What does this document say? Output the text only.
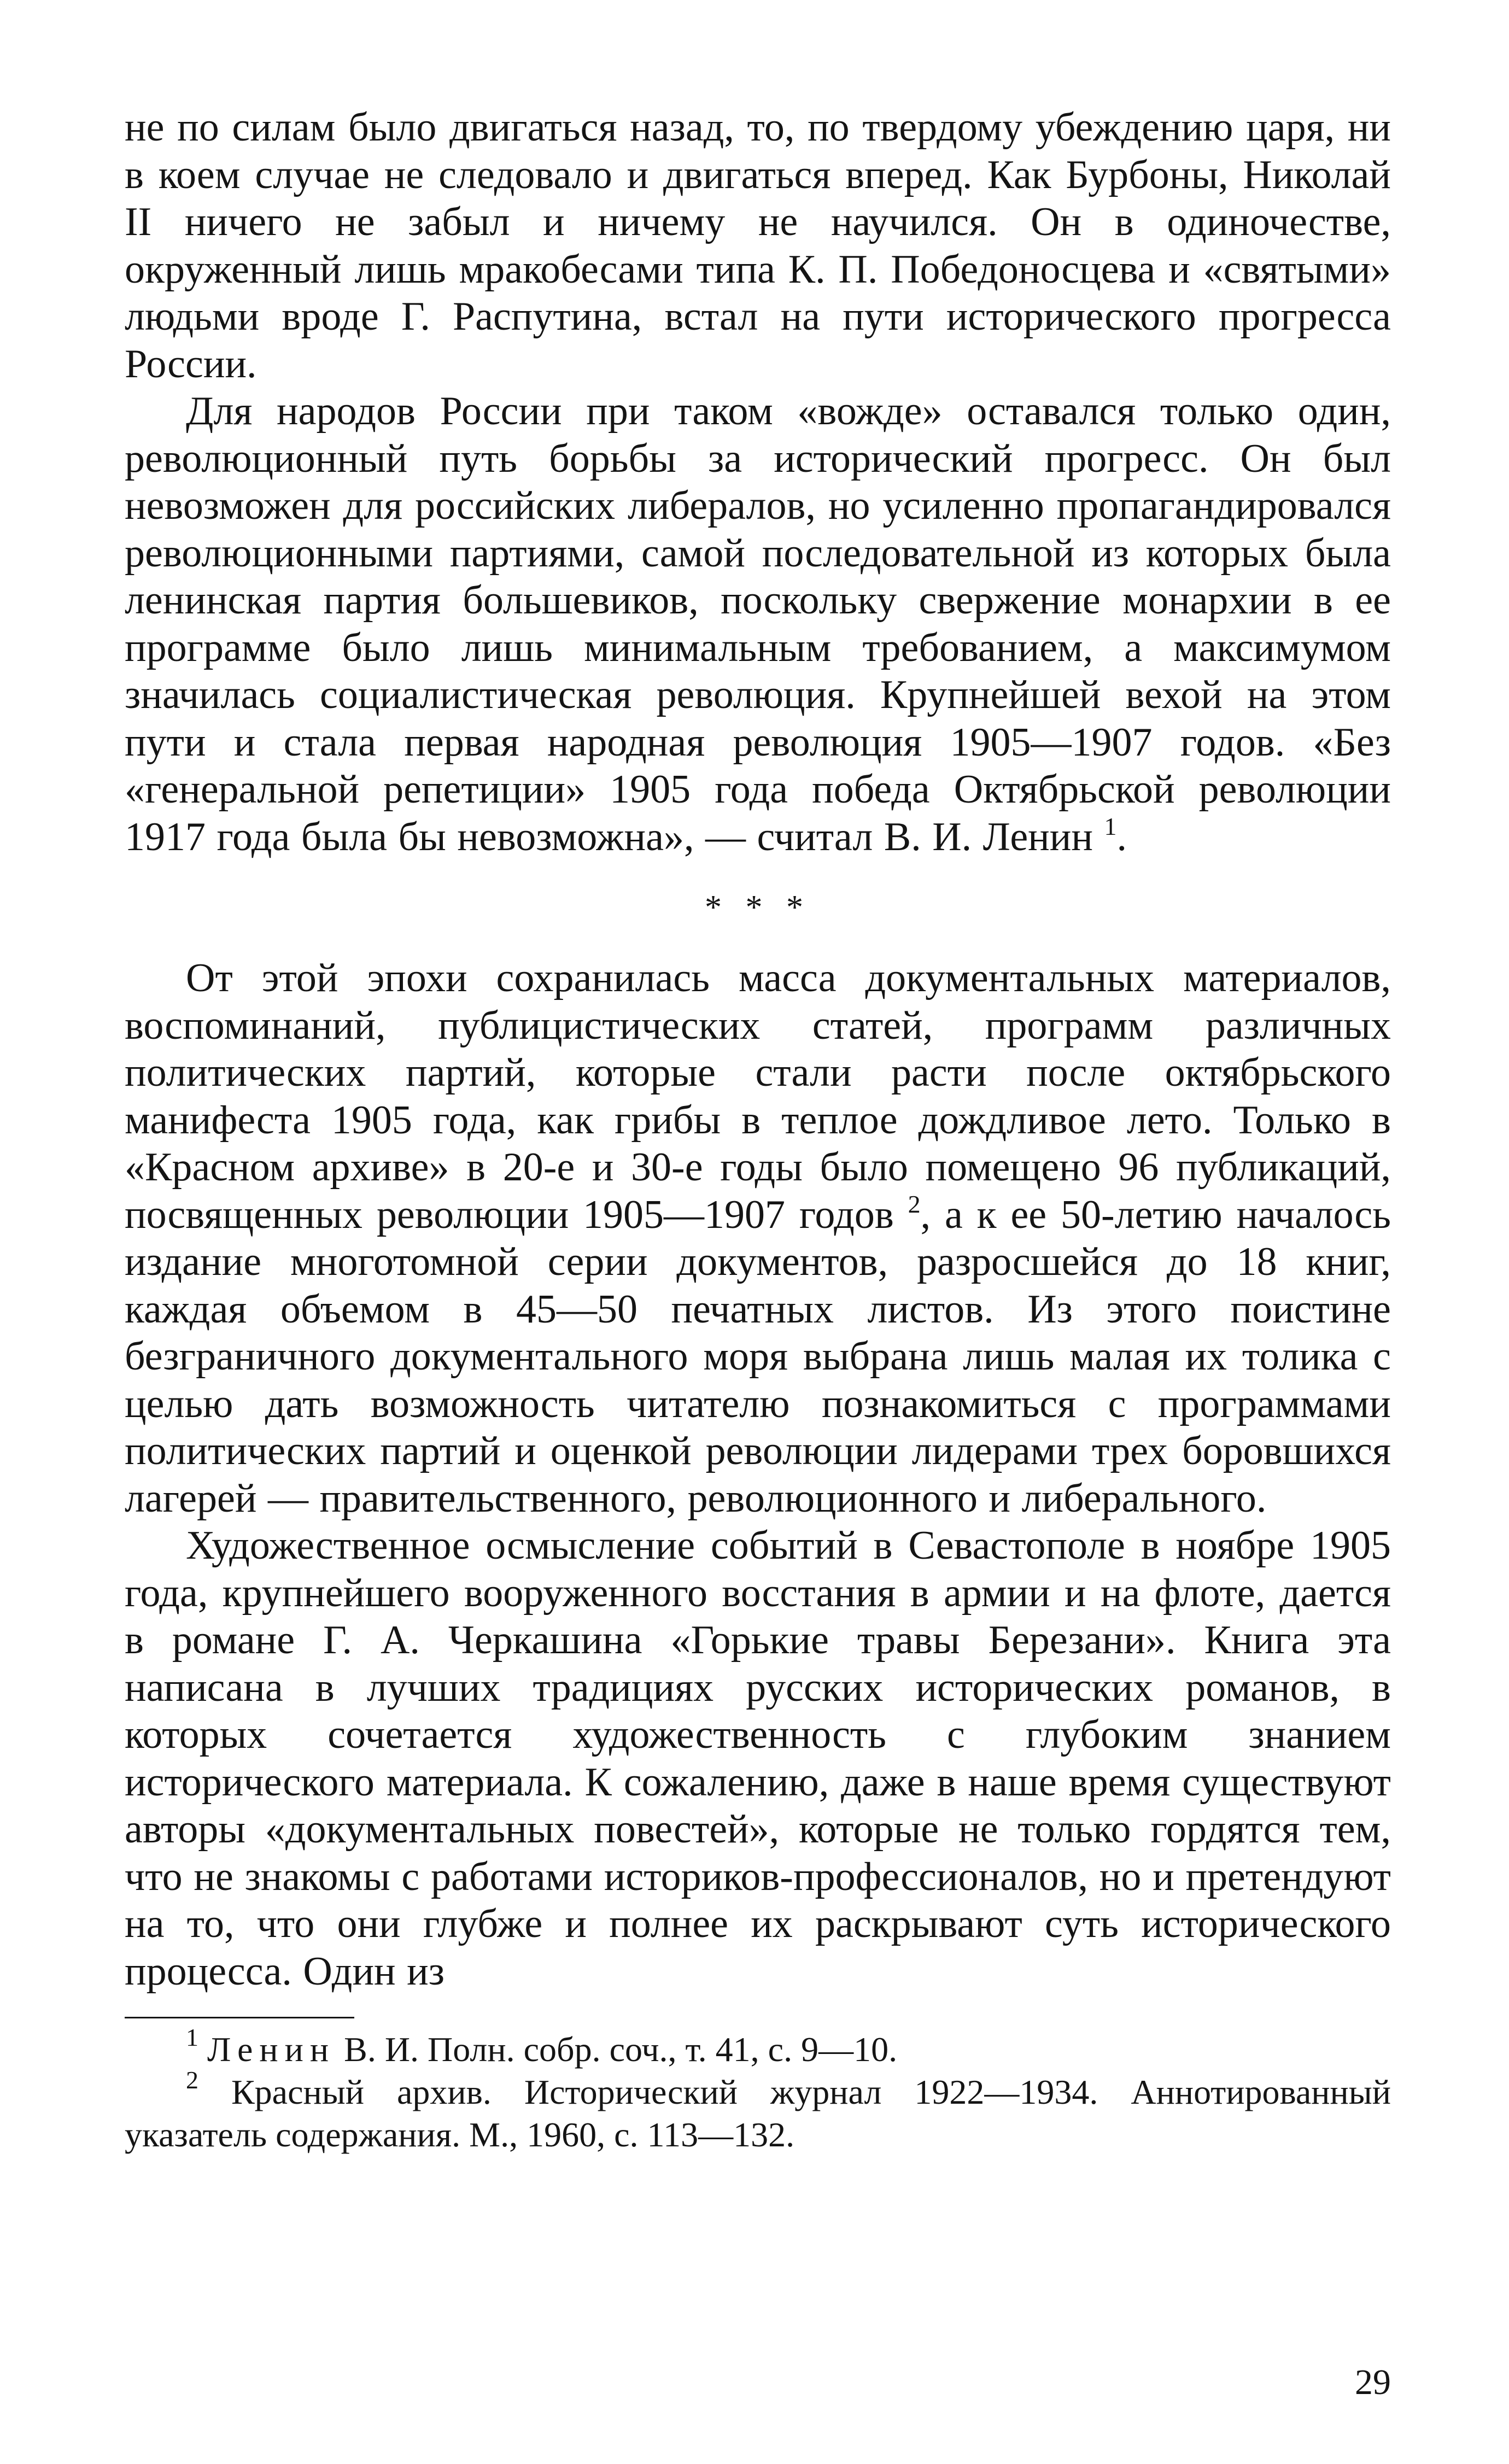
не по силам было двигаться назад, то, по твердому убеждению царя, ни в коем случае не следовало и двигаться вперед. Как Бурбоны, Николай II ничего не забыл и ничему не научился. Он в одиночестве, окруженный лишь мракобесами типа К. П. Победоносцева и «святыми» людьми вроде Г. Распутина, встал на пути исторического прогресса России.

Для народов России при таком «вожде» оставался только один, революционный путь борьбы за исторический прогресс. Он был невозможен для российских либералов, но усиленно пропагандировался революционными партиями, самой последовательной из которых была ленинская партия большевиков, поскольку свержение монархии в ее программе было лишь минимальным требованием, а максимумом значилась социалистическая революция. Крупнейшей вехой на этом пути и стала первая народная революция 1905—1907 годов. «Без «генеральной репетиции» 1905 года победа Октябрьской революции 1917 года была бы невозможна», — считал В. И. Ленин $^1$.

* * *

От этой эпохи сохранилась масса документальных материалов, воспоминаний, публицистических статей, программ различных политических партий, которые стали расти после октябрьского манифеста 1905 года, как грибы в теплое дождливое лето. Только в «Красном архиве» в 20-е и 30-е годы было помещено 96 публикаций, посвященных революции 1905—1907 годов $^2$, а к ее 50-летию началось издание многотомной серии документов, разросшейся до 18 книг, каждая объемом в 45—50 печатных листов. Из этого поистине безграничного документального моря выбрана лишь малая их толика с целью дать возможность читателю познакомиться с программами политических партий и оценкой революции лидерами трех боровшихся лагерей — правительственного, революционного и либерального.

Художественное осмысление событий в Севастополе в ноябре 1905 года, крупнейшего вооруженного восстания в армии и на флоте, дается в романе Г. А. Черкашина «Горькие травы Березани». Книга эта написана в лучших традициях русских исторических романов, в которых сочетается художественность с глубоким знанием исторического материала. К сожалению, даже в наше время существуют авторы «документальных повестей», которые не только гордятся тем, что не знакомы с работами историков-профессионалов, но и претендуют на то, что они глубже и полнее их раскрывают суть исторического процесса. Один из

$^1$ Ленин В. И. Полн. собр. соч., т. 41, с. 9—10.

$^2$ Красный архив. Исторический журнал 1922—1934. Аннотированный указатель содержания. М., 1960, с. 113—132.

29
